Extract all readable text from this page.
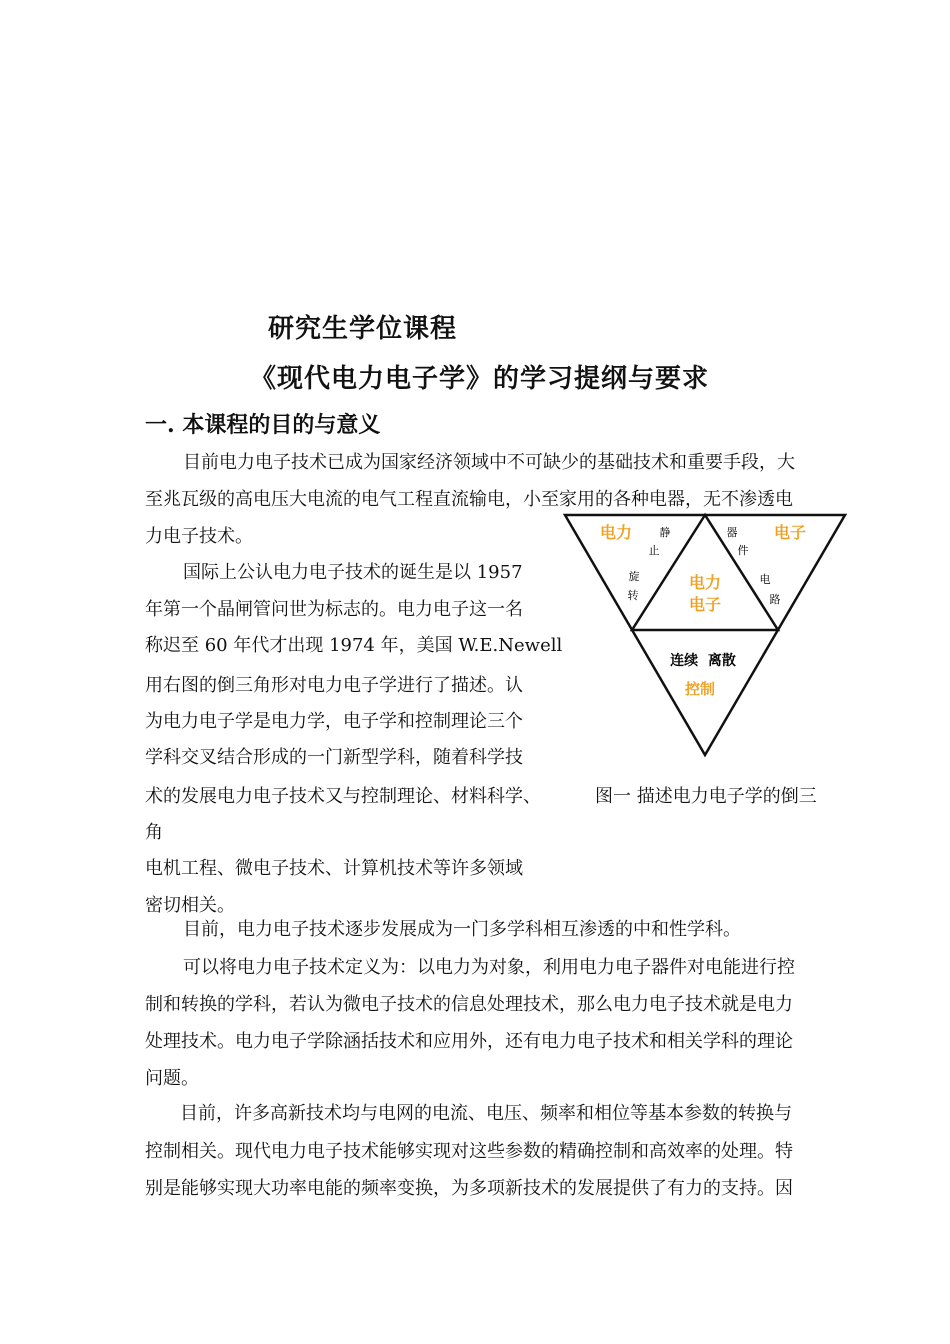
研究生学位课程
《现代电力电子学》的学习提纲与要求
一. 本课程的目的与意义
目前电力电子技术已成为国家经济领域中不可缺少的基础技术和重要手段，大
至兆瓦级的高电压大电流的电气工程直流输电，小至家用的各种电器，无不渗透电
力电子技术。
国际上公认电力电子技术的诞生是以 1957
年第一个晶闸管问世为标志的。电力电子这一名
称迟至 60 年代才出现 1974 年，美国 W.E.Newell
用右图的倒三角形对电力电子学进行了描述。认
为电力电子学是电力学，电子学和控制理论三个
学科交叉结合形成的一门新型学科，随着科学技
术的发展电力电子技术又与控制理论、材料科学、
角
电机工程、微电子技术、计算机技术等许多领域
密切相关。
目前，电力电子技术逐步发展成为一门多学科相互渗透的中和性学科。
可以将电力电子技术定义为：以电力为对象，利用电力电子器件对电能进行控
制和转换的学科，若认为微电子技术的信息处理技术，那么电力电子技术就是电力
处理技术。电力电子学除涵括技术和应用外，还有电力电子技术和相关学科的理论
问题。
目前，许多高新技术均与电网的电流、电压、频率和相位等基本参数的转换与
控制相关。现代电力电子技术能够实现对这些参数的精确控制和高效率的处理。特
别是能够实现大功率电能的频率变换，为多项新技术的发展提供了有力的支持。因
电力	电子
电力
电子
静
止
旋
转
器
件
电
路
连续  离散
控制
图一 描述电力电子学的倒三
